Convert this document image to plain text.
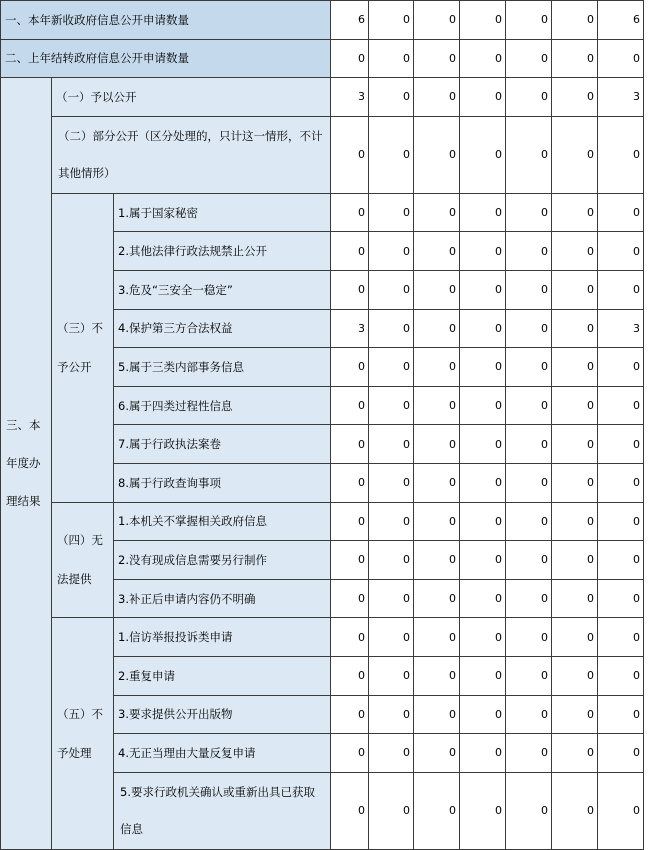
一、本年新收政府信息公开申请数量			6	0	0	0	0	0	6
二、上年结转政府信息公开申请数量			0	0	0	0	0	0	0
三、本年度办理结果	（一）予以公开		3	0	0	0	0	0	3
	（二）部分公开（区分处理的，只计这一情形，不计其他情形）		0	0	0	0	0	0	0
	（三）不予公开	1.属于国家秘密	0	0	0	0	0	0	0
		2.其他法律行政法规禁止公开	0	0	0	0	0	0	0
		3.危及“三安全一稳定”	0	0	0	0	0	0	0
		4.保护第三方合法权益	3	0	0	0	0	0	3
		5.属于三类内部事务信息	0	0	0	0	0	0	0
		6.属于四类过程性信息	0	0	0	0	0	0	0
		7.属于行政执法案卷	0	0	0	0	0	0	0
		8.属于行政查询事项	0	0	0	0	0	0	0
	（四）无法提供	1.本机关不掌握相关政府信息	0	0	0	0	0	0	0
		2.没有现成信息需要另行制作	0	0	0	0	0	0	0
		3.补正后申请内容仍不明确	0	0	0	0	0	0	0
	（五）不予处理	1.信访举报投诉类申请	0	0	0	0	0	0	0
		2.重复申请	0	0	0	0	0	0	0
		3.要求提供公开出版物	0	0	0	0	0	0	0
		4.无正当理由大量反复申请	0	0	0	0	0	0	0
		5.要求行政机关确认或重新出具已获取信息	0	0	0	0	0	0	0
